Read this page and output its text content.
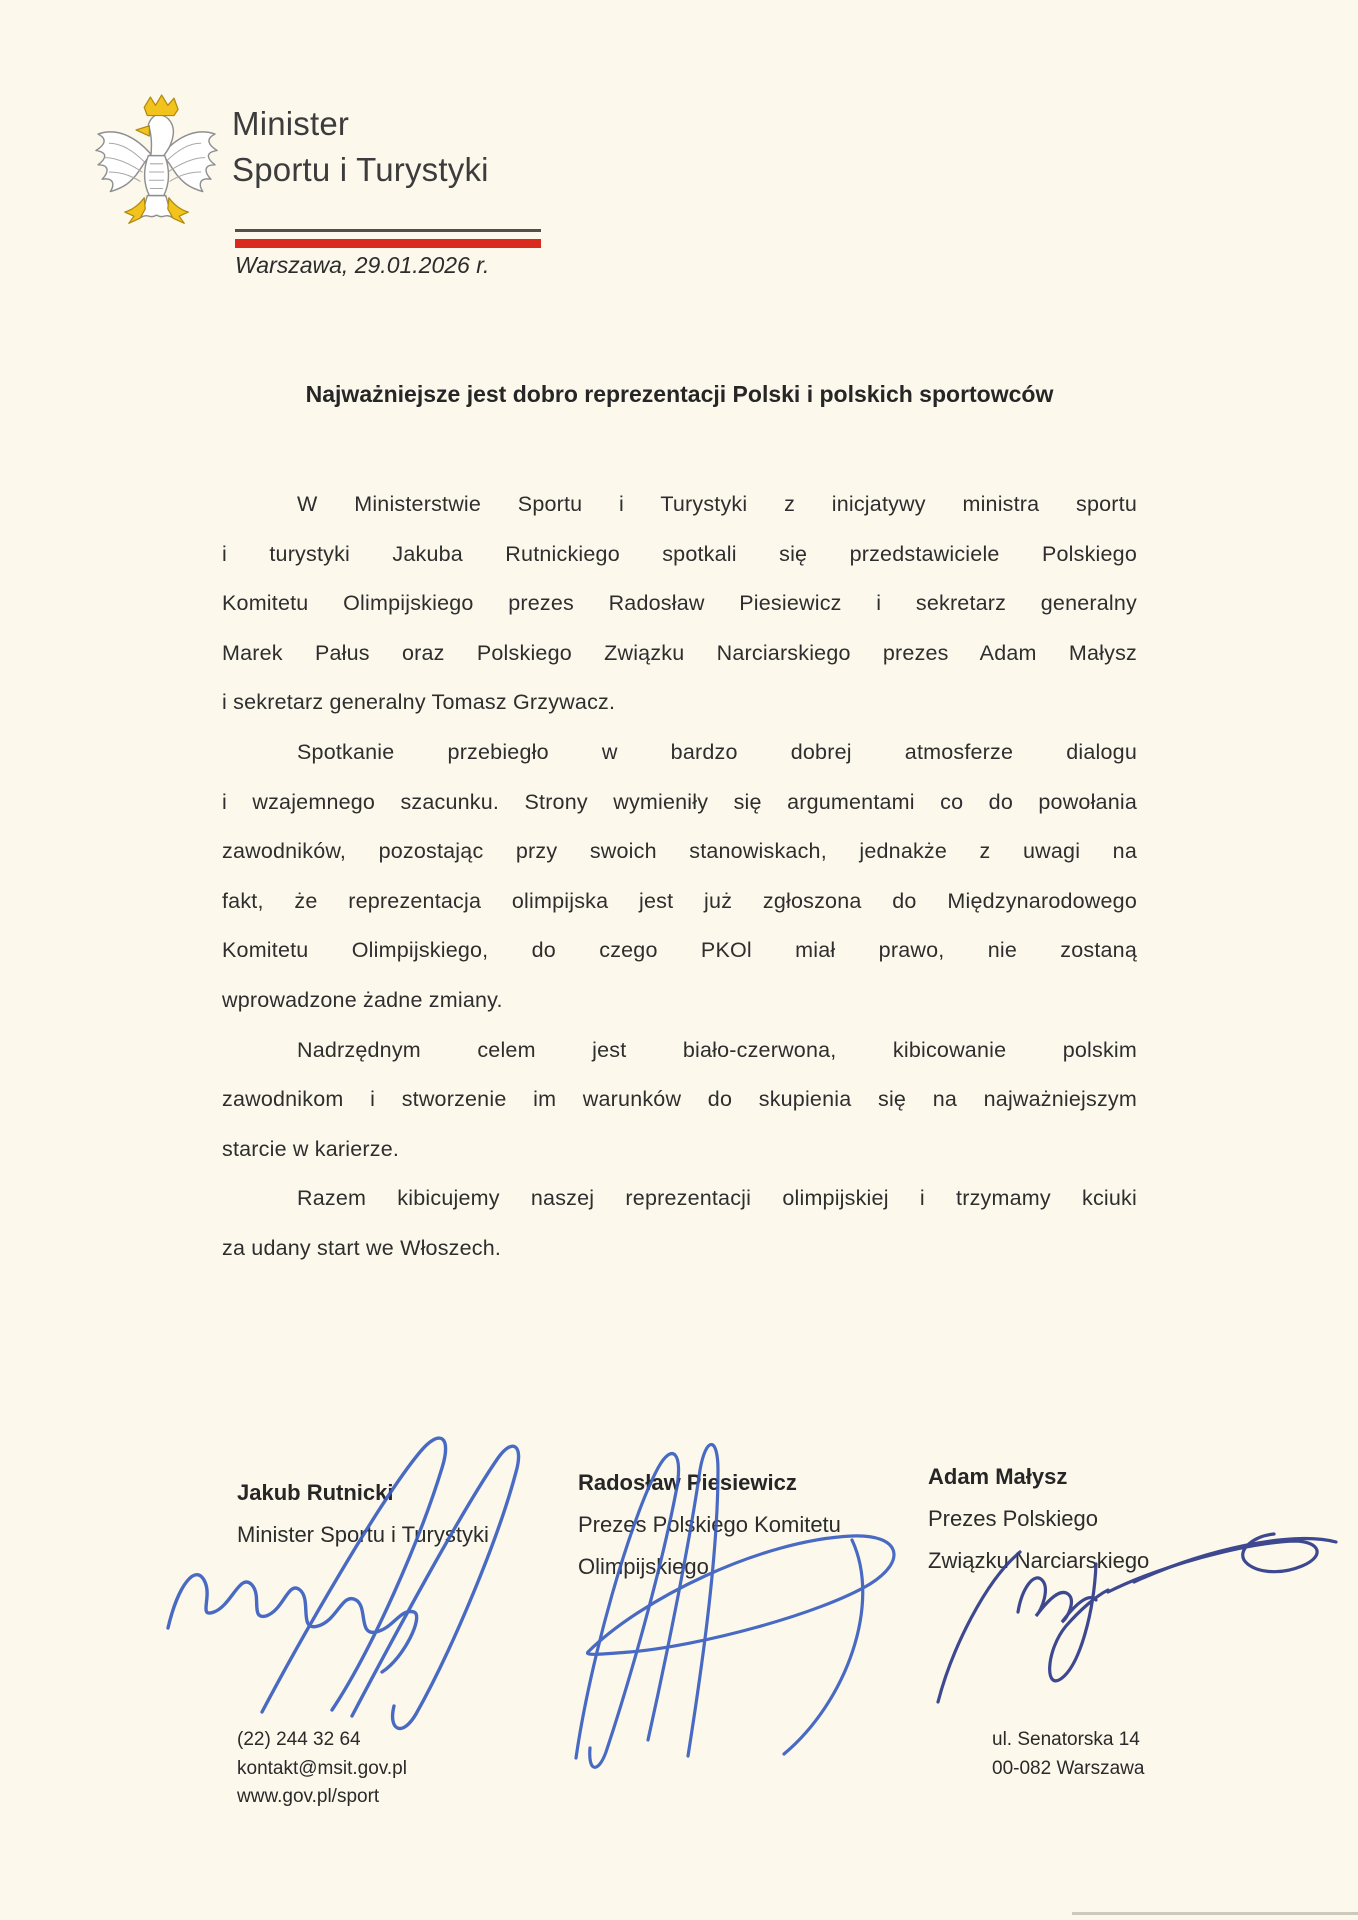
Minister
Sportu i Turystyki
Warszawa, 29.01.2026 r.
Najważniejsze jest dobro reprezentacji Polski i polskich sportowców
W Ministerstwie Sportu i Turystyki z inicjatywy ministra sportu
i turystyki Jakuba Rutnickiego spotkali się przedstawiciele Polskiego
Komitetu Olimpijskiego prezes Radosław Piesiewicz i sekretarz generalny
Marek Pałus oraz Polskiego Związku Narciarskiego prezes Adam Małysz
i sekretarz generalny Tomasz Grzywacz.
Spotkanie przebiegło w bardzo dobrej atmosferze dialogu
i wzajemnego szacunku. Strony wymieniły się argumentami co do powołania
zawodników, pozostając przy swoich stanowiskach, jednakże z uwagi na
fakt, że reprezentacja olimpijska jest już zgłoszona do Międzynarodowego
Komitetu Olimpijskiego, do czego PKOl miał prawo, nie zostaną
wprowadzone żadne zmiany.
Nadrzędnym celem jest biało-czerwona, kibicowanie polskim
zawodnikom i stworzenie im warunków do skupienia się na najważniejszym
starcie w karierze.
Razem kibicujemy naszej reprezentacji olimpijskiej i trzymamy kciuki
za udany start we Włoszech.
Jakub Rutnicki
Minister Sportu i Turystyki
Radosław Piesiewicz
Prezes Polskiego Komitetu
Olimpijskiego
Adam Małysz
Prezes Polskiego
Związku Narciarskiego
(22) 244 32 64
kontakt@msit.gov.pl
www.gov.pl/sport
ul. Senatorska 14
00-082 Warszawa
